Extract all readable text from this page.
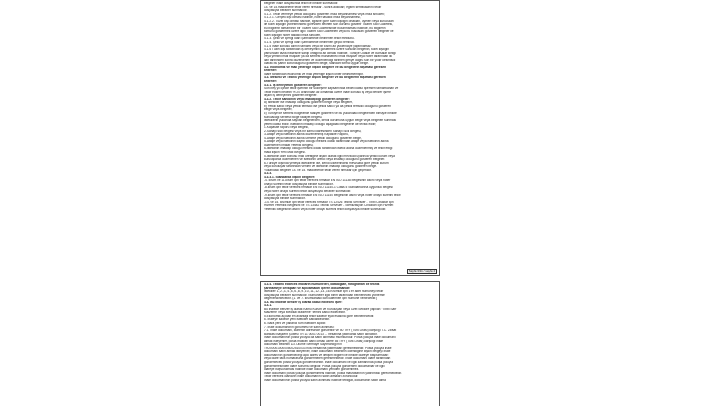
belgeler ihale dosyasında teklif ile birlikte sunmalıdır.
14. ve 15.maddelerle teklif veren firmalar - sonra aldıkları; eğitim sertifikalarını teklif
dosyasıyla beraber sunmalıdır.
4.1.2. Teklif vermeye yetkili olduğunu gösteren imza beyannamesi veya imza sirküleri;
4.1.2.1. Gerçek kişi olması halinde, noter tasdikli imza beyannamesi,
4.1.2.2. Tüzel kişi olması halinde, ilgisine göre tüzel kişiliğin ortakları, üyeleri veya kurucuları
ile tüzel kişiliğin yönetimindeki görevlileri belirten son durumu gösterir Ticaret Sicil Gazetesi,
bu bilgilerin tamamının bir Ticaret Sicil Gazetesinde bulunmaması halinde, bu bilgilerin
tümünü göstermek üzere ilgili Ticaret Sicil Gazeteleri veya bu hususları gösteren belgeler ile
tüzel kişiliğin noter tasdikli imza sirküleri,
4.1.3. Şekli ve içeriği İdari Şartnamede belirlenen teklif mektubu.
4.1.4. Şekli ve içeriği İdari Şartnamede belirlenen geçici teminat.
4.1.5 İhale konusu alımın tamamı veya bir kısmı alt yükleniciye yaptırılamaz.
4.1.6 Tüzel kişi tarafından iş deneyimini göstermek üzere sunulan belgenin, tüzel kişiliğin
yarısından fazla hissesine sahip ortağına ait olması halinde, Türkiye Odalar ve Borsalar Birliği
veya yeminli mali müşavir ya da serbest muhasebeci mali müşavir veya noter tarafından ilk
ilan tarihinden sonra düzenlenen ve düzenlendiği tarihten geriye doğru son bir yıldır kesintisiz
olarak bu şartın korunduğunu gösteren belge, standart forma uygun belge.
4.2. Ekonomik ve mali yeterliğe ilişkin belgeler ve bu belgelerin taşıması gereken
kriterler:
İdare tarafından ekonomik ve mali yeterliğe ilişkin kriter belirtilmemiştir.
4.3. Mesleki ve Teknik yeterliğe ilişkin belgeler ve bu belgelerin taşıması gereken
kriterler:
4.3.1. İş deneyimini gösteren belgeler:
Son beş yıl içinde teklif işlerinin bir sözleşme kapsamında bedeli kabul işlemleri tamamlanan ve
Teklif edilen bedelin % 20 oranından az olmamak üzere ihale konusu iş veya benzer işlere
ilişkin iş deneyimini gösteren belgeler.
4.3.2. Teklif sahibinin veya imalatçılığı gösteren belgeler:
a) İstekliler ise imalatçı olduğunu gösteren belge veya belgeler,
b) Yetkili satıcı veya yetkili temsilci ise yetkili satıcı ya da yetkili temsilci olduğunu gösteren
belge veya belgeler,
c) Türkiye'de serbest bölgelerde faaliyet gösteren ve bu yukarıdaki belgelerden birisiyle birlikte
sunulacağı serbest bölge faaliyet belgesi.
İsteklilerin yukarıda sayılan belgelerden, kendi durumuna uygun belge veya belgeleri sunması
yeterli kabul edilir. İsteklinin imalatçı olduğu aşağıdaki belgelerle de tevsik edilir;
1-Kapasite raporu veya belgesi,
2-Sanayi sicil belgesi veya bir kamu idaresinden Sanayi Sicil Belgesi,
3-Ataşe veya isteklinin adına düzenlenmiş Kapasite Raporu,
4-Ataşe veya isteklinin adına üretime yetkili olduğunu gösteren belge,
5-Ataşe veya isteklinin kayıtlı olduğu meslek odası tarafından ataşe veya isteklinin adına
düzenlenen İmalat Yeterlik Belgesi,
6-İsteklinin imalatçı olduğu meslek odası tarafından istekli adına düzenlenmiş ve teklif ettiği
mala ilişkin Yerli Malı Belgesi.
5-İsteklinin alım konusu malı ürettiğine ilişkin olarak ilgili mevzuat uyarınca yetkili kurum veya
kuruluşlarca düzenlenen ve isteklinin üretici veya imalatçı olduğunu gösteren belgeler.
6-Türkiye dışında yerleşik isteklilerin ise, kendi ülkelerindeki mevzuata göre yetkili kurum
veya kuruluşlar tarafından verilen ve isteklinin imalatçı olduğunu gösteren belge.
Yukarıdaki belgeler 14. ve 15. maddelerde teklif veren firmalar için geçerlidir.
4.3.3.
4.3.3.1. Standarda ilişkin belgeler:
-4. kısım ve 11.kısım için teklif verecek firmalar EN ISO 11138 belgesinin aslını veya noter
onaylı suretini teklif dosyasıyla birlikte sunmalıdır.
-8.kısım için teklif verecek firmalar EN ISO 11140-1 Class 5 Standartlarına uygunluk belgesi
veya noter onaylı suretini teklif dosyasıyla beraber sunmalıdır.
-9.kısım için teklif verecek firmalar EN ISO 11140 belgesinin aslını veya noter onaylı suretini teklif
dosyasıyla birlikte sunmalıdır.
-14. ve 15. kısımlar için teklif verecek firmalar TS 12426 Teknik Servisler - Tıbbi Cihazlar için
Hizmet Yeterlilik Belgesini ve TS 13482 Teknik Servisler - Sterilizasyon Cihazları için Hizmet
Yeterlilik Belgesinin aslını veya noter onaylı suretini teklif dosyasıyla birlikte sunmalıdır.
Sayfa 3/11 / sayfa 4
4.3.4. Tedarik edilecek malların numuneleri, katalogları, fotoğrafları ile teknik
şartnameye cevapları ve açıklamaları içeren dokümanlar:
İstekliler 1.,2.,3.,4.,5.,6.,8.,9.,10.,11.,12.,13.,16.Kısımlar için 1'er adet numuneyi teklif
dosyasıyla beraber sunmalıdır. Numuneler ilgili birim tarafından belirlenecek yöntemle
değerlendirilecektir. (1. ve 7. kısımlardaki ilan kalemleri için numune verilecektir.)
4.4. Bu ihalede benzer iş olarak kabul edilecek işler:
4.4.1.
Bu ihalede benzer iş olarak Kamu Kurum ve Kuruluşları veya Özel Sektöre yapılan "Tıbbi Sarf
Malzeme Veya Medikal Malzeme" temini kabul edilecektir.
5.Ekonomik açıdan en avantajlı teklif sadece fiyat esasına göre belirlenecektir.
6. İhaleye sadece yerli istekliler katılabilecektir.
6. Bara yerli ve yabancı tüm istekliler açıktır.
7. İhale dokümanının görülmesi ve satın alınması:
7.1. İhale dokümanı, idarenin adresinde görülebilir ve 50 TRY (Türk Lirası) karşılığı T.C. Ziraat
Bankası Başkent Şubesi TR 11 0001 0013 ... hesabına yatırılarak satın alınabilir.
İhale dokümanının posta yoluyla da satın alınması mümkündür. Posta yoluyla ihale dokümanı
almak isteyenler, posta masrafı dahil olmak üzere 55 TRY (Türk Lirası) karşılığı ihale
dokümanı bedelini 1/2.Ölüme Sermaye Sayımanlığı'nın
TR200001000005002510033 nolu hesabına yatırmaları gerekmektedir. Posta yoluyla ihale
dokümanı satın almak isteyenler, ihale dokümanı bedelinin ödendiğine ilişkin belgeyi ihale
dokümanının gönderileceği açık adres ve iletişim bilgileri ile birlikte idareye başvurmaları
veya idare faks numarasına göndermeleri gerekmektedir. İhale dokümanı idare tarafından
gönderilecek posta yoluyla gönderilecektir. İhale dokümanı ile ilgili zamanında posta yoluyla
gönderilmesinden idare sorumlu değildir. Posta yoluyla gönderilen dokümanlar ile ilgili
idareye başvurulması halinde ihale dokümanı yeniden gönderilmez.
İhale dokümanı posta yoluyla gönderilmesi halinde, posta masraflarının yatırılması gerekmektedir.
Teklif verecek olanların ihale dokümanını satın almaları zorunludur.
İhale dokümanının posta yoluyla satın alınması halinde tebligat, dokümanın satın alma
